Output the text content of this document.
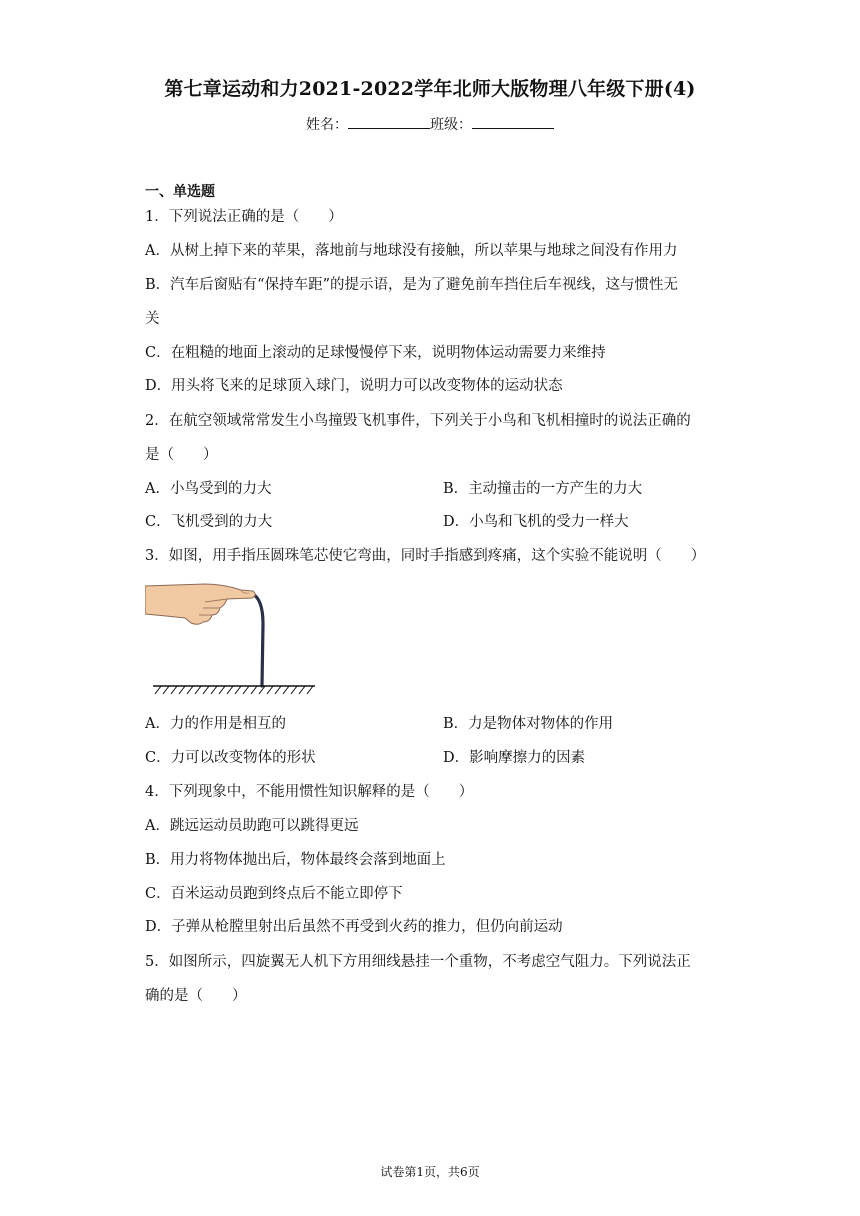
第七章运动和力2021-2022学年北师大版物理八年级下册(4)
姓名：	班级：
一、单选题
1．下列说法正确的是（　　）
A．从树上掉下来的苹果，落地前与地球没有接触，所以苹果与地球之间没有作用力
B．汽车后窗贴有“保持车距”的提示语，是为了避免前车挡住后车视线，这与惯性无
关
C．在粗糙的地面上滚动的足球慢慢停下来，说明物体运动需要力来维持
D．用头将飞来的足球顶入球门，说明力可以改变物体的运动状态
2．在航空领域常常发生小鸟撞毁飞机事件，下列关于小鸟和飞机相撞时的说法正确的
是（　　）
A．小鸟受到的力大	B．主动撞击的一方产生的力大
C．飞机受到的力大	D．小鸟和飞机的受力一样大
3．如图，用手指压圆珠笔芯使它弯曲，同时手指感到疼痛，这个实验不能说明（　　）
A．力的作用是相互的	B．力是物体对物体的作用
C．力可以改变物体的形状	D．影响摩擦力的因素
4．下列现象中，不能用惯性知识解释的是（　　）
A．跳远运动员助跑可以跳得更远
B．用力将物体抛出后，物体最终会落到地面上
C．百米运动员跑到终点后不能立即停下
D．子弹从枪膛里射出后虽然不再受到火药的推力，但仍向前运动
5．如图所示，四旋翼无人机下方用细线悬挂一个重物，不考虑空气阻力。下列说法正
确的是（　　）
试卷第1页，共6页
